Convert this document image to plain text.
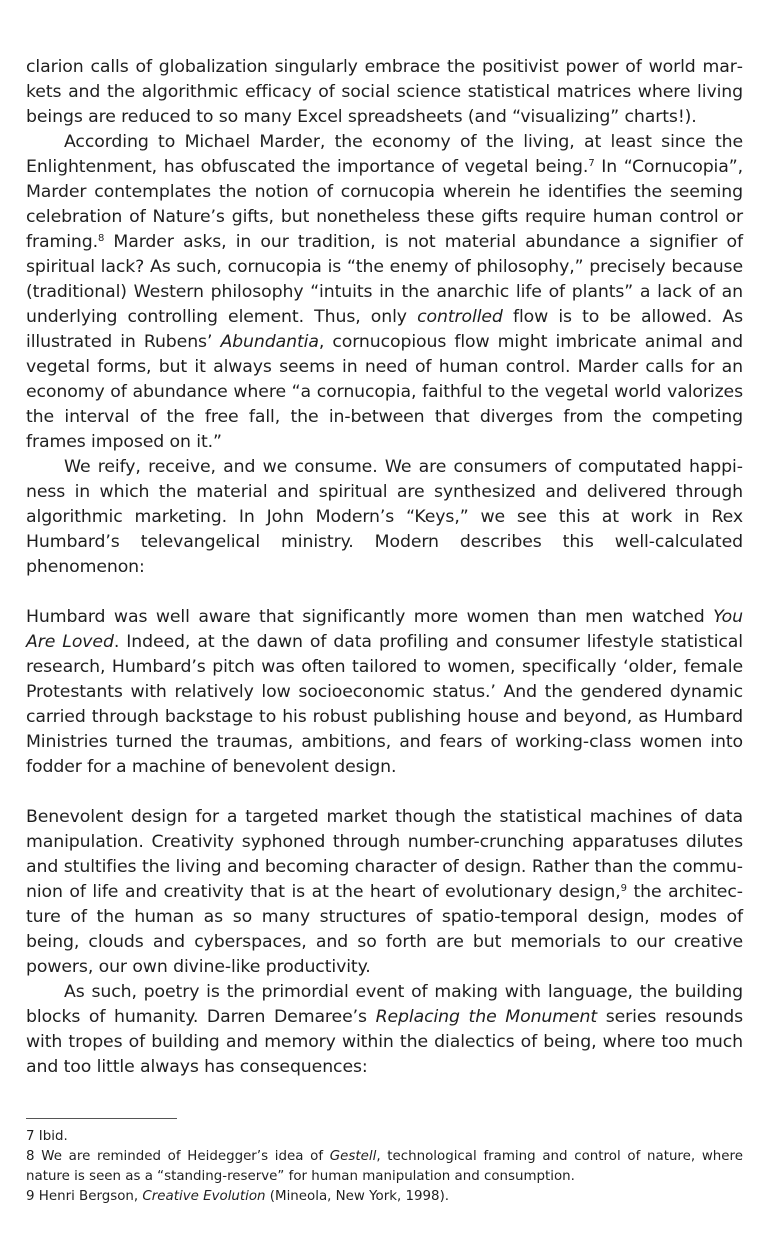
clarion calls of globalization singularly embrace the positivist power of world markets and the algorithmic efficacy of social science statistical matrices where living beings are reduced to so many Excel spreadsheets (and “visualizing” charts!).

According to Michael Marder, the economy of the living, at least since the Enlightenment, has obfuscated the importance of vegetal being.$^7$ In “Cornucopia”, Marder contemplates the notion of cornucopia wherein he identifies the seeming celebration of Nature’s gifts, but nonetheless these gifts require human control or framing.$^8$ Marder asks, in our tradition, is not material abundance a signifier of spiritual lack? As such, cornucopia is “the enemy of philosophy,” precisely because (traditional) Western philosophy “intuits in the anarchic life of plants” a lack of an underlying controlling element. Thus, only controlled flow is to be allowed. As illustrated in Rubens’ Abundantia, cornucopious flow might imbricate animal and vegetal forms, but it always seems in need of human control. Marder calls for an economy of abundance where “a cornucopia, faithful to the vegetal world valorizes the interval of the free fall, the in-between that diverges from the competing frames imposed on it.”

We reify, receive, and we consume. We are consumers of computated happiness in which the material and spiritual are synthesized and delivered through algorithmic marketing. In John Modern’s “Keys,” we see this at work in Rex Humbard’s televangelical ministry. Modern describes this well-calculated phenomenon:

Humbard was well aware that significantly more women than men watched You Are Loved. Indeed, at the dawn of data profiling and consumer lifestyle statistical research, Humbard’s pitch was often tailored to women, specifically ‘older, female Protestants with relatively low socioeconomic status.’ And the gendered dynamic carried through backstage to his robust publishing house and beyond, as Humbard Ministries turned the traumas, ambitions, and fears of working-class women into fodder for a machine of benevolent design.

Benevolent design for a targeted market though the statistical machines of data manipulation. Creativity syphoned through number-crunching apparatuses dilutes and stultifies the living and becoming character of design. Rather than the communion of life and creativity that is at the heart of evolutionary design,$^9$ the architecture of the human as so many structures of spatio-temporal design, modes of being, clouds and cyberspaces, and so forth are but memorials to our creative powers, our own divine-like productivity.

As such, poetry is the primordial event of making with language, the building blocks of humanity. Darren Demaree’s Replacing the Monument series resounds with tropes of building and memory within the dialectics of being, where too much and too little always has consequences:

7 Ibid.

8 We are reminded of Heidegger’s idea of Gestell, technological framing and control of nature, where nature is seen as a “standing-reserve” for human manipulation and consumption.

9 Henri Bergson, Creative Evolution (Mineola, New York, 1998).
